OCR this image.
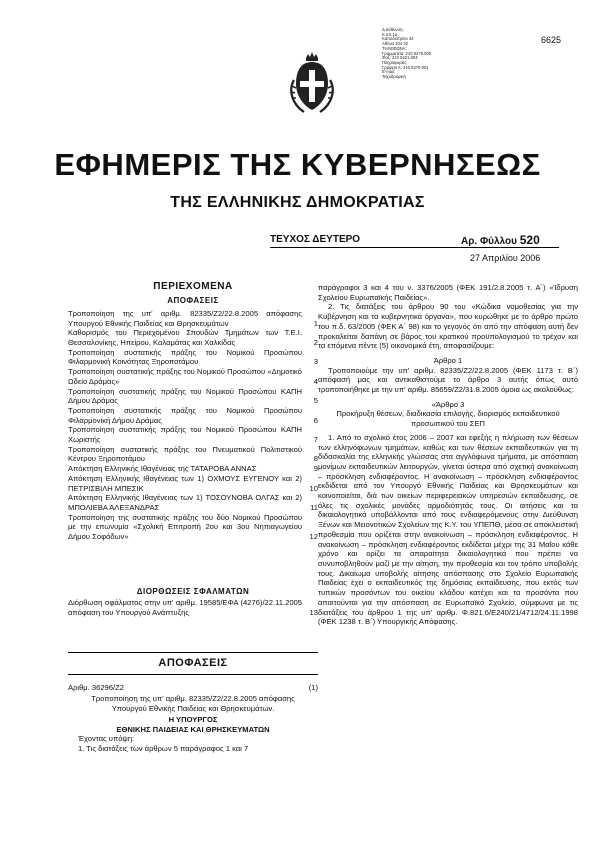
Δ ιεύθυνση:
Κ απ.1α
Καποδιστρίου 34
Αθήνα 104 32
ΤΗΛΕΦΩΝΑ:
Γραμματεία: 210 5279.000
Φαξ: 210 5221.004
Πληροφορίες:
Γραφείο Α: 210 5279.001
Ε-mail:
Ταχυδρομική
6625
ΕΦΗΜΕΡΙΣ ΤΗΣ ΚΥΒΕΡΝΗΣΕΩΣ
ΤΗΣ ΕΛΛΗΝΙΚΗΣ ΔΗΜΟΚΡΑΤΙΑΣ
ΤΕΥΧΟΣ ΔΕΥΤΕΡΟ	Αρ. Φύλλου 520
27 Απριλίου 2006
ΠΕΡΙΕΧΟΜΕΝΑ
ΑΠΟΦΑΣΕΙΣ
Τροποποίηση της υπ' αριθμ. 82335/Ζ2/22.8.2005 απόφασης Υπουργού Εθνικής Παιδείας και Θρησκευμάτων	1
Καθορισμός του Περιεχομένου Σπουδών Τμημάτων των Τ.Ε.Ι. Θεσσαλονίκης, Ηπείρου, Καλαμάτας και Χαλκίδας	2
Τροποποίηση συστατικής πράξης του Νομικού Προσώπου Φιλαρμονική Κοινότητας Ξηροποτάμου	3
Τροποποίηση συστατικής πράξης του Νομικού Προσώπου «Δημοτικό Ωδείο Δράμας»	4
Τροποποίηση συστατικής πράξης του Νομικού Προσώπου ΚΑΠΗ Δήμου Δράμας	5
Τροποποίηση συστατικής πράξης του Νομικού Προσώπου Φιλαρμονική Δήμου Δράμας	6
Τροποποίηση συστατικής πράξης του Νομικού Προσώπου ΚΑΠΗ Χωριστής	7
Τροποποίηση συστατικής πράξης του Πνευματικού Πολιτιστικού Κέντρου Ξηροποτάμου	8
Απόκτηση Ελληνικής Ιθαγένειας της ΤΑΤΑΡΟΒΑ ΑΝΝΑΣ	9
Απόκτηση Ελληνικής Ιθαγένειας των 1) ΟΧΜΟΥΣ ΕΥΓΕΝΟΥ και 2) ΠΕΤΡΙΣΒΙΛΗ ΜΠΕΣΙΚ	10
Απόκτηση Ελληνικής Ιθαγένειας των 1) ΤΟΣΟΥΝΟΒΑ ΟΛΓΑΣ και 2) ΜΠΟΛΙΕΒΑ ΑΛΕΞΑΝΔΡΑΣ	11
Τροποποίηση της συστατικής πράξης του δύο Νομικού Προσώπου με την επωνυμία «Σχολική Επιτροπή 2ου και 3ου Νηπιαγωγείου Δήμου Σοφάδων»	12
ΔΙΟΡΘΩΣΕΙΣ ΣΦΑΛΜΑΤΩΝ
Διόρθωση σφάλματος στην υπ' αριθμ. 19585/ΕΦΑ (4276)/22.11.2005 απόφαση του Υπουργού Ανάπτυξης	13
ΑΠΟΦΑΣΕΙΣ
Αριθμ. 36296/Ζ2	(1)
Τροποποίηση της υπ' αριθμ. 82335/Ζ2/22.8.2005 απόφασης Υπουργού Εθνικής Παιδείας και Θρησκευμάτων.
Η ΥΠΟΥΡΓΟΣ
ΕΘΝΙΚΗΣ ΠΑΙΔΕΙΑΣ ΚΑΙ ΘΡΗΣΚΕΥΜΑΤΩΝ
Έχοντας υπόψη:
1. Τις διατάξεις των άρθρων 5 παράγραφος 1 και 7

παράγραφοι 3 και 4 του ν. 3376/2005 (ΦΕΚ 191/2.8.2005 τ. Α΄) «Ίδρυση Σχολείου Ευρωπαϊκής Παιδείας».

2. Τις διατάξεις του άρθρου 90 του «Κώδικα νομοθεσίας για την Κυβέρνηση και τα κυβερνητικά όργανα», που κυρώθηκε με το άρθρο πρώτο του π.δ. 63/2005 (ΦΕΚ Α΄ 98) και το γεγονός ότι από την απόφαση αυτή δεν προκαλείται δαπάνη σε βάρος του κρατικού προϋπολογισμού το τρέχον και τα επόμενα πέντε (5) οικονομικά έτη, αποφασίζουμε:

Άρθρο 1

Τροποποιούμε την υπ' αριθμ. 82335/Ζ2/22.8.2005 (ΦΕΚ 1173 τ. Β΄) απόφασή μας και αντικαθιστούμε το άρθρο 3 αυτής όπως αυτό τροποποιήθηκε με την υπ' αριθμ. 85659/Ζ2/31.8.2005 όμοια ως ακολούθως:

«Άρθρο 3

Προκήρυξη θέσεων, διαδικασία επιλογής, διορισμός εκπαιδευτικού προσωπικού του ΣΕΠ

1. Από το σχολικό έτος 2006 – 2007 και εφεξής η πλήρωση των θέσεων των ελληνόφωνων τμημάτων, καθώς και των θέσεων εκπαιδευτικών για τη διδασκαλία της ελληνικής γλώσσας στα αγγλόφωνα τμήματα, με απόσπαση μονίμων εκπαιδευτικών λειτουργών, γίνεται ύστερα από σχετική ανακοίνωση – πρόσκληση ενδιαφέροντος. Η ανακοίνωση – πρόσκληση ενδιαφέροντος εκδίδεται από τον Υπουργό Εθνικής Παιδείας και Θρησκευμάτων και κοινοποιείται, διά των οικείων περιφερειακών υπηρεσιών εκπαίδευσης, σε όλες τις σχολικές μονάδες αρμοδιότητάς τους. Οι αιτήσεις και τα δικαιολογητικά υποβάλλονται από τους ενδιαφερόμενους στην Διεύθυνση Ξένων και Μειονοτικών Σχολείων της Κ.Υ. του ΥΠΕΠΘ, μέσα σε αποκλειστική προθεσμία που ορίζεται στην ανακοίνωση – πρόσκληση ενδιαφέροντος. Η ανακοίνωση – πρόσκληση ενδιαφέροντος εκδίδεται μέχρι της 31 Μαΐου κάθε χρόνο και ορίζει τα απαραίτητα δικαιολογητικά που πρέπει να συνυποβληθούν μαζί με την αίτηση, την προθεσμία και τον τρόπο υποβολής τους. Δικαίωμα υποβολής αίτησης απόσπασης στο Σχολείο Ευρωπαϊκής Παιδείας έχει ο εκπαιδευτικός της δημόσιας εκπαίδευσης, που εκτός των τυπικών προσόντων του οικείου κλάδου κατέχει και τα προσόντα που απαιτούνται για την απόσπαση σε Ευρωπαϊκό Σχολείο, σύμφωνα με τις διατάξεις του άρθρου 1 της υπ' αριθμ. Φ.821.6/Ε240/21/4712/24.11.1998 (ΦΕΚ 1238 τ. Β΄) Υπουργικής Απόφασης.
